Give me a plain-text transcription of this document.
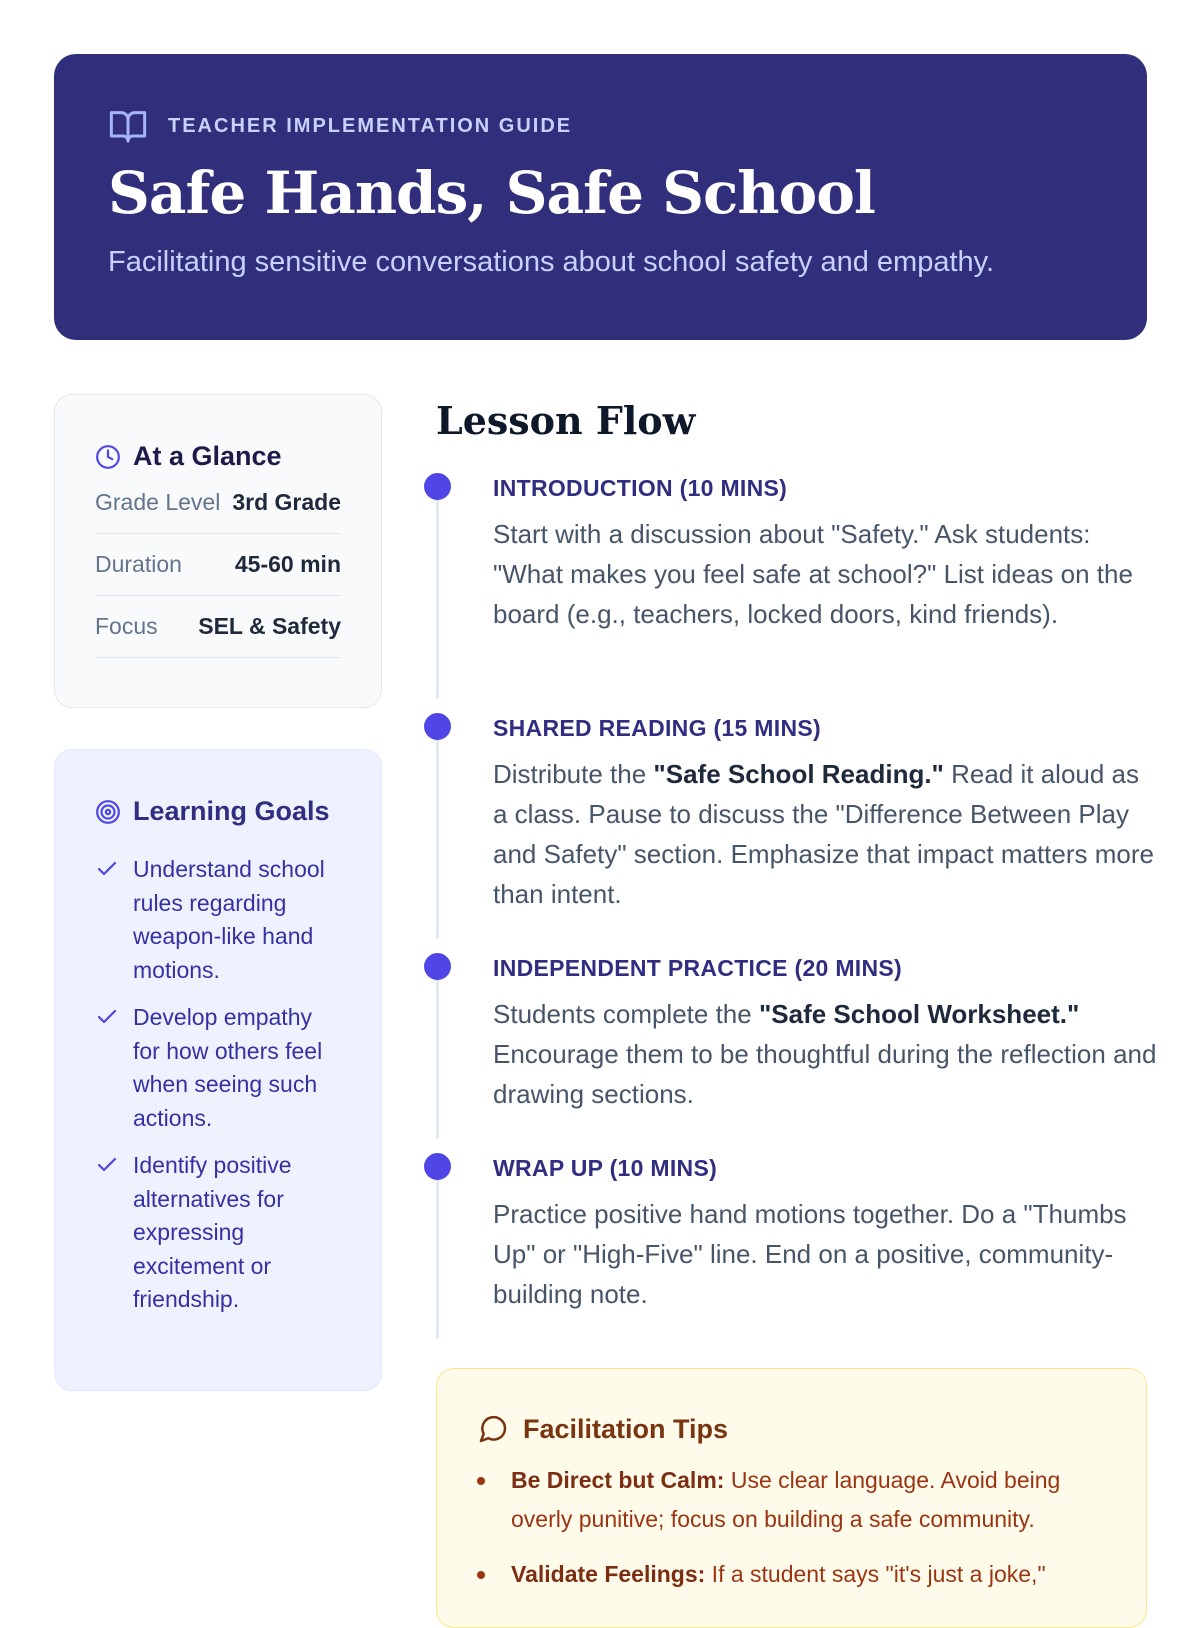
TEACHER IMPLEMENTATION GUIDE
Safe Hands, Safe School

Facilitating sensitive conversations about school safety and empathy.

At a Glance
Grade Level 3rd Grade
Duration 45-60 min
Focus SEL & Safety
Learning Goals
Understand school rules regarding weapon-like hand motions.
Develop empathy for how others feel when seeing such actions.
Identify positive alternatives for expressing excitement or friendship.
Lesson Flow
INTRODUCTION (10 MINS)

Start with a discussion about "Safety." Ask students: "What makes you feel safe at school?" List ideas on the board (e.g., teachers, locked doors, kind friends).

SHARED READING (15 MINS)

Distribute the "Safe School Reading." Read it aloud as a class. Pause to discuss the "Difference Between Play and Safety" section. Emphasize that impact matters more than intent.

INDEPENDENT PRACTICE (20 MINS)

Students complete the "Safe School Worksheet." Encourage them to be thoughtful during the reflection and drawing sections.

WRAP UP (10 MINS)

Practice positive hand motions together. Do a "Thumbs Up" or "High-Five" line. End on a positive, community-building note.

Facilitation Tips

Be Direct but Calm: Use clear language. Avoid being overly punitive; focus on building a safe community.

Validate Feelings: If a student says "it's just a joke,"
